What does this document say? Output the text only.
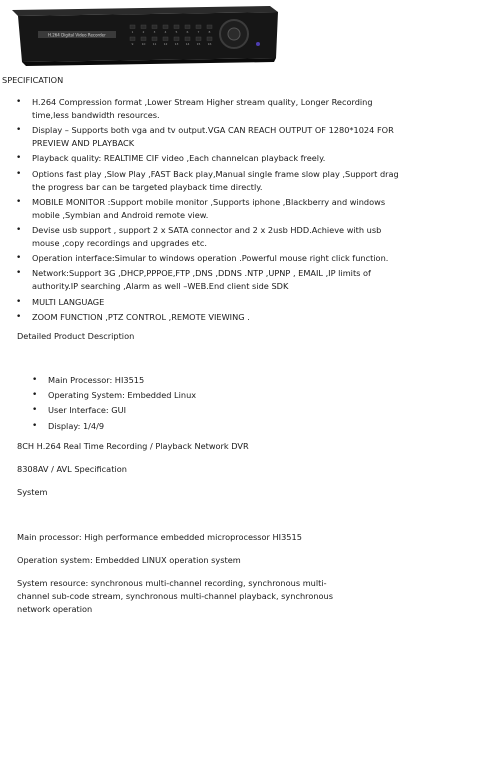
H.264 Digital Video Recorder
1	2	3	4	5	6	7	8
9	10 11 12 13 14 15 16
SPECIFICATION
• H.264 Compression format ,Lower Stream Higher stream quality, Longer Recording time,less bandwidth resources.
• Display – Supports both vga and tv output.VGA CAN REACH OUTPUT OF 1280*1024 FOR PREVIEW AND PLAYBACK
• Playback quality: REALTIME CIF video ,Each channelcan playback freely.
• Options fast play ,Slow Play ,FAST Back play,Manual single frame slow play ,Support drag the progress bar can be targeted playback time directly.
• MOBILE MONITOR :Support mobile monitor ,Supports iphone ,Blackberry and windows mobile ,Symbian and Android remote view.
• Devise usb support , support 2 x SATA connector and 2 x 2usb HDD.Achieve with usb mouse ,copy recordings and upgrades etc.
• Operation interface:Simular to windows operation .Powerful mouse right click function.
• Network:Support 3G ,DHCP,PPPOE,FTP ,DNS ,DDNS .NTP ,UPNP , EMAIL ,IP limits of authority.IP searching ,Alarm as well –WEB.End client side SDK
• MULTI LANGUAGE
• ZOOM FUNCTION ,PTZ CONTROL ,REMOTE VIEWING .
Detailed Product Description
• Main Processor: HI3515
• Operating System: Embedded Linux
• User Interface: GUI
• Display: 1/4/9
8CH H.264 Real Time Recording / Playback Network DVR
8308AV / AVL Specification
System
Main processor: High performance embedded microprocessor HI3515
Operation system: Embedded LINUX operation system
System resource: synchronous multi-channel recording, synchronous multi-channel sub-code stream, synchronous multi-channel playback, synchronous network operation
